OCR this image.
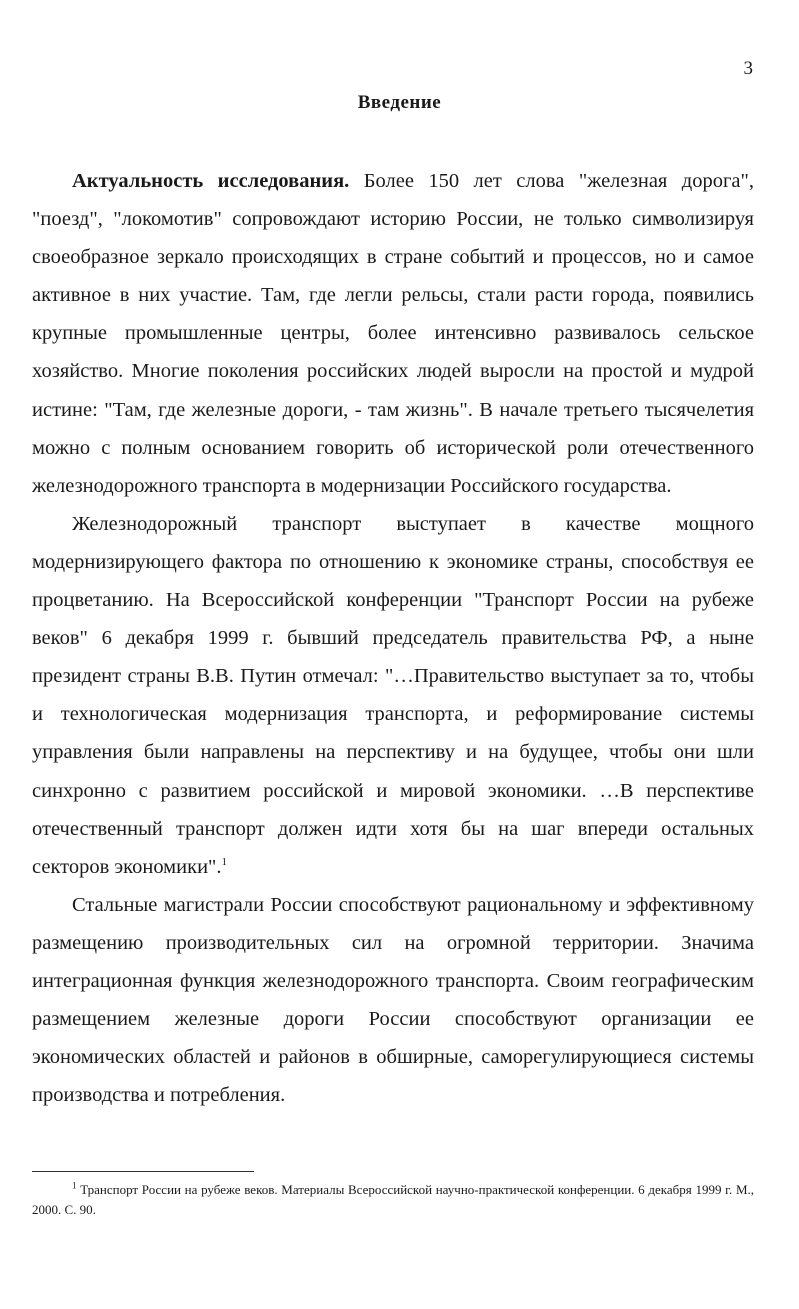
3
Введение

Актуальность исследования. Более 150 лет слова "железная дорога", "поезд", "локомотив" сопровождают историю России, не только символизируя своеобразное зеркало происходящих в стране событий и процессов, но и самое активное в них участие. Там, где легли рельсы, стали расти города, появились крупные промышленные центры, более интенсивно развивалось сельское хозяйство. Многие поколения российских людей выросли на простой и мудрой истине: "Там, где железные дороги, - там жизнь". В начале третьего тысячелетия можно с полным основанием говорить об исторической роли отечественного железнодорожного транспорта в модернизации Российского государства.

Железнодорожный транспорт выступает в качестве мощного модернизирующего фактора по отношению к экономике страны, способствуя ее процветанию. На Всероссийской конференции "Транспорт России на рубеже веков" 6 декабря 1999 г. бывший председатель правительства РФ, а ныне президент страны В.В. Путин отмечал: "…Правительство выступает за то, чтобы и технологическая модернизация транспорта, и реформирование системы управления были направлены на перспективу и на будущее, чтобы они шли синхронно с развитием российской и мировой экономики. …В перспективе отечественный транспорт должен идти хотя бы на шаг впереди остальных секторов экономики".$^1$

Стальные магистрали России способствуют рациональному и эффективному размещению производительных сил на огромной территории. Значима интеграционная функция железнодорожного транспорта. Своим географическим размещением железные дороги России способствуют организации ее экономических областей и районов в обширные, саморегулирующиеся системы производства и потребления.

$^1$ Транспорт России на рубеже веков. Материалы Всероссийской научно-практической конференции. 6 декабря 1999 г. М., 2000. С. 90.
